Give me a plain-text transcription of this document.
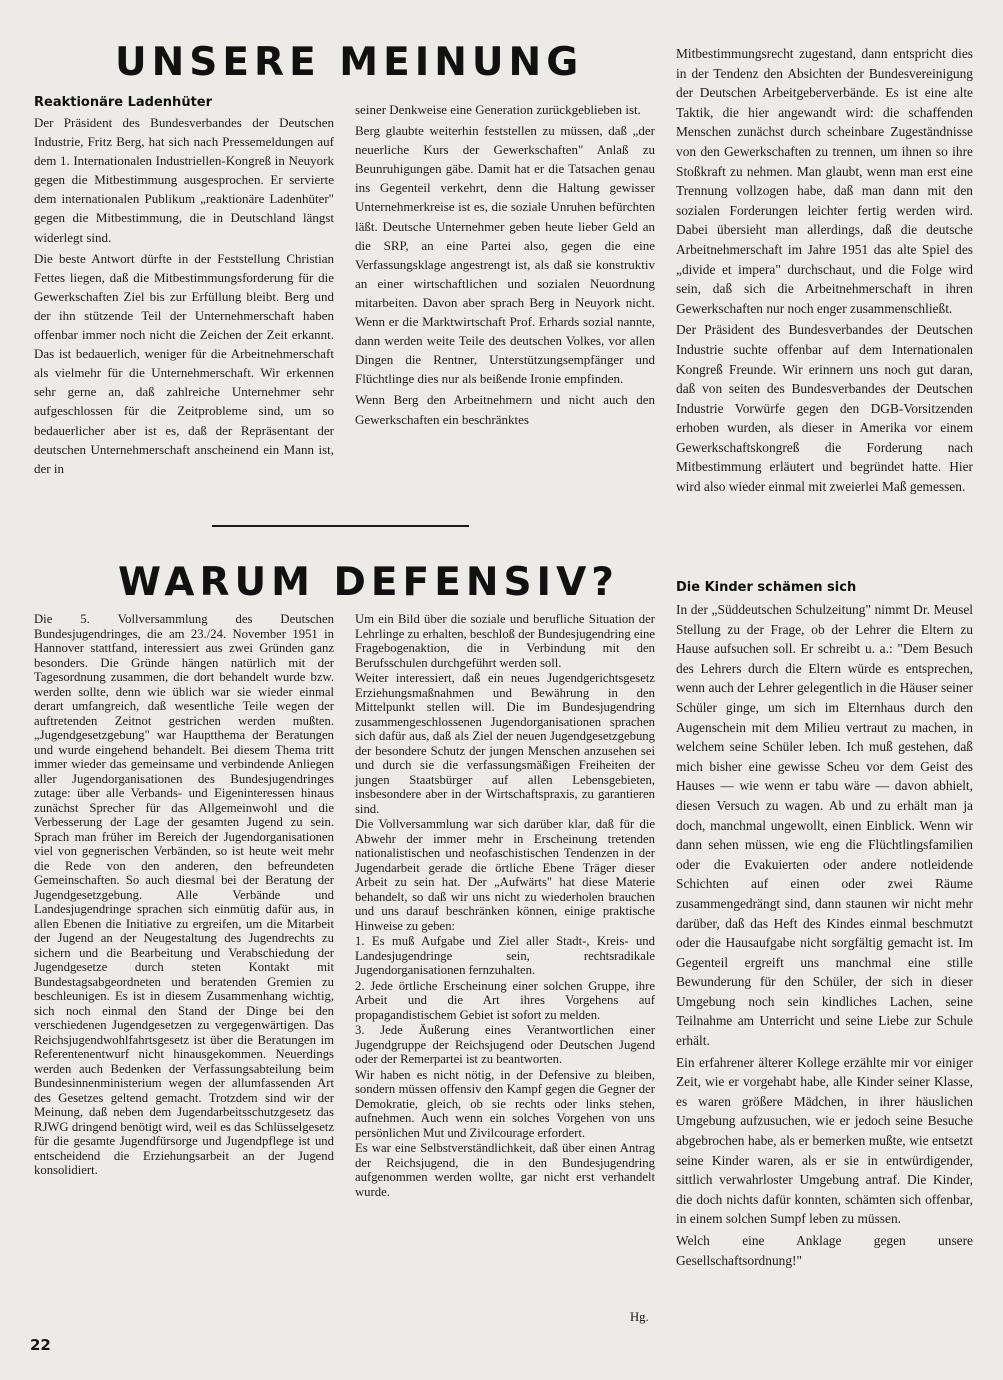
UNSERE MEINUNG
Reaktionäre Ladenhüter

Der Präsident des Bundesverbandes der Deutschen Industrie, Fritz Berg, hat sich nach Pressemeldungen auf dem 1. Internationalen Industriellen-Kongreß in Neuyork gegen die Mitbestimmung ausgesprochen. Er servierte dem internationalen Publikum „reaktionäre Ladenhüter" gegen die Mitbestimmung, die in Deutschland längst widerlegt sind.

Die beste Antwort dürfte in der Feststellung Christian Fettes liegen, daß die Mitbestimmungsforderung für die Gewerkschaften Ziel bis zur Erfüllung bleibt. Berg und der ihn stützende Teil der Unternehmerschaft haben offenbar immer noch nicht die Zeichen der Zeit erkannt. Das ist bedauerlich, weniger für die Arbeitnehmerschaft als vielmehr für die Unternehmerschaft. Wir erkennen sehr gerne an, daß zahlreiche Unternehmer sehr aufgeschlossen für die Zeitprobleme sind, um so bedauerlicher aber ist es, daß der Repräsentant der deutschen Unternehmerschaft anscheinend ein Mann ist, der in

seiner Denkweise eine Generation zurückgeblieben ist.

Berg glaubte weiterhin feststellen zu müssen, daß „der neuerliche Kurs der Gewerkschaften" Anlaß zu Beunruhigungen gäbe. Damit hat er die Tatsachen genau ins Gegenteil verkehrt, denn die Haltung gewisser Unternehmerkreise ist es, die soziale Unruhen befürchten läßt. Deutsche Unternehmer geben heute lieber Geld an die SRP, an eine Partei also, gegen die eine Verfassungsklage angestrengt ist, als daß sie konstruktiv an einer wirtschaftlichen und sozialen Neuordnung mitarbeiten. Davon aber sprach Berg in Neuyork nicht. Wenn er die Marktwirtschaft Prof. Erhards sozial nannte, dann werden weite Teile des deutschen Volkes, vor allen Dingen die Rentner, Unterstützungsempfänger und Flüchtlinge dies nur als beißende Ironie empfinden.

Wenn Berg den Arbeitnehmern und nicht auch den Gewerkschaften ein beschränktes

Mitbestimmungsrecht zugestand, dann entspricht dies in der Tendenz den Absichten der Bundesvereinigung der Deutschen Arbeitgeberverbände. Es ist eine alte Taktik, die hier angewandt wird: die schaffenden Menschen zunächst durch scheinbare Zugeständnisse von den Gewerkschaften zu trennen, um ihnen so ihre Stoßkraft zu nehmen. Man glaubt, wenn man erst eine Trennung vollzogen habe, daß man dann mit den sozialen Forderungen leichter fertig werden wird. Dabei übersieht man allerdings, daß die deutsche Arbeitnehmerschaft im Jahre 1951 das alte Spiel des „divide et impera" durchschaut, und die Folge wird sein, daß sich die Arbeitnehmerschaft in ihren Gewerkschaften nur noch enger zusammenschließt.

Der Präsident des Bundesverbandes der Deutschen Industrie suchte offenbar auf dem Internationalen Kongreß Freunde. Wir erinnern uns noch gut daran, daß von seiten des Bundesverbandes der Deutschen Industrie Vorwürfe gegen den DGB-Vorsitzenden erhoben wurden, als dieser in Amerika vor einem Gewerkschaftskongreß die Forderung nach Mitbestimmung erläutert und begründet hatte. Hier wird also wieder einmal mit zweierlei Maß gemessen.

WARUM DEFENSIV?

Die 5. Vollversammlung des Deutschen Bundesjugendringes, die am 23./24. November 1951 in Hannover stattfand, interessiert aus zwei Gründen ganz besonders. Die Gründe hängen natürlich mit der Tagesordnung zusammen, die dort behandelt wurde bzw. werden sollte, denn wie üblich war sie wieder einmal derart umfangreich, daß wesentliche Teile wegen der auftretenden Zeitnot gestrichen werden mußten. „Jugendgesetzgebung" war Hauptthema der Beratungen und wurde eingehend behandelt. Bei diesem Thema tritt immer wieder das gemeinsame und verbindende Anliegen aller Jugendorganisationen des Bundesjugendringes zutage: über alle Verbands- und Eigeninteressen hinaus zunächst Sprecher für das Allgemeinwohl und die Verbesserung der Lage der gesamten Jugend zu sein. Sprach man früher im Bereich der Jugendorganisationen viel von gegnerischen Verbänden, so ist heute weit mehr die Rede von den anderen, den befreundeten Gemeinschaften. So auch diesmal bei der Beratung der Jugendgesetzgebung. Alle Verbände und Landesjugendringe sprachen sich einmütig dafür aus, in allen Ebenen die Initiative zu ergreifen, um die Mitarbeit der Jugend an der Neugestaltung des Jugendrechts zu sichern und die Bearbeitung und Verabschiedung der Jugendgesetze durch steten Kontakt mit Bundestagsabgeordneten und beratenden Gremien zu beschleunigen. Es ist in diesem Zusammenhang wichtig, sich noch einmal den Stand der Dinge bei den verschiedenen Jugendgesetzen zu vergegenwärtigen. Das Reichsjugendwohlfahrtsgesetz ist über die Beratungen im Referentenentwurf nicht hinausgekommen. Neuerdings werden auch Bedenken der Verfassungsabteilung beim Bundesinnenministerium wegen der allumfassenden Art des Gesetzes geltend gemacht. Trotzdem sind wir der Meinung, daß neben dem Jugendarbeitsschutzgesetz das RJWG dringend benötigt wird, weil es das Schlüsselgesetz für die gesamte Jugendfürsorge und Jugendpflege ist und entscheidend die Erziehungsarbeit an der Jugend konsolidiert.

Um ein Bild über die soziale und berufliche Situation der Lehrlinge zu erhalten, beschloß der Bundesjugendring eine Fragebogenaktion, die in Verbindung mit den Berufsschulen durchgeführt werden soll.

Weiter interessiert, daß ein neues Jugendgerichtsgesetz Erziehungsmaßnahmen und Bewährung in den Mittelpunkt stellen will. Die im Bundesjugendring zusammengeschlossenen Jugendorganisationen sprachen sich dafür aus, daß als Ziel der neuen Jugendgesetzgebung der besondere Schutz der jungen Menschen anzusehen sei und durch sie die verfassungsmäßigen Freiheiten der jungen Staatsbürger auf allen Lebensgebieten, insbesondere aber in der Wirtschaftspraxis, zu garantieren sind.

Die Vollversammlung war sich darüber klar, daß für die Abwehr der immer mehr in Erscheinung tretenden nationalistischen und neofaschistischen Tendenzen in der Jugendarbeit gerade die örtliche Ebene Träger dieser Arbeit zu sein hat. Der „Aufwärts" hat diese Materie behandelt, so daß wir uns nicht zu wiederholen brauchen und uns darauf beschränken können, einige praktische Hinweise zu geben:

1. Es muß Aufgabe und Ziel aller Stadt-, Kreis- und Landesjugendringe sein, rechtsradikale Jugendorganisationen fernzuhalten.

2. Jede örtliche Erscheinung einer solchen Gruppe, ihre Arbeit und die Art ihres Vorgehens auf propagandistischem Gebiet ist sofort zu melden.

3. Jede Äußerung eines Verantwortlichen einer Jugendgruppe der Reichsjugend oder Deutschen Jugend oder der Remerpartei ist zu beantworten.

Wir haben es nicht nötig, in der Defensive zu bleiben, sondern müssen offensiv den Kampf gegen die Gegner der Demokratie, gleich, ob sie rechts oder links stehen, aufnehmen. Auch wenn ein solches Vorgehen von uns persönlichen Mut und Zivilcourage erfordert.

Es war eine Selbstverständlichkeit, daß über einen Antrag der Reichsjugend, die in den Bundesjugendring aufgenommen werden wollte, gar nicht erst verhandelt wurde.

Hg.
Die Kinder schämen sich

In der „Süddeutschen Schulzeitung" nimmt Dr. Meusel Stellung zu der Frage, ob der Lehrer die Eltern zu Hause aufsuchen soll. Er schreibt u. a.: "Dem Besuch des Lehrers durch die Eltern würde es entsprechen, wenn auch der Lehrer gelegentlich in die Häuser seiner Schüler ginge, um sich im Elternhaus durch den Augenschein mit dem Milieu vertraut zu machen, in welchem seine Schüler leben. Ich muß gestehen, daß mich bisher eine gewisse Scheu vor dem Geist des Hauses — wie wenn er tabu wäre — davon abhielt, diesen Versuch zu wagen. Ab und zu erhält man ja doch, manchmal ungewollt, einen Einblick. Wenn wir dann sehen müssen, wie eng die Flüchtlingsfamilien oder die Evakuierten oder andere notleidende Schichten auf einen oder zwei Räume zusammengedrängt sind, dann staunen wir nicht mehr darüber, daß das Heft des Kindes einmal beschmutzt oder die Hausaufgabe nicht sorgfältig gemacht ist. Im Gegenteil ergreift uns manchmal eine stille Bewunderung für den Schüler, der sich in dieser Umgebung noch sein kindliches Lachen, seine Teilnahme am Unterricht und seine Liebe zur Schule erhält.

Ein erfahrener älterer Kollege erzählte mir vor einiger Zeit, wie er vorgehabt habe, alle Kinder seiner Klasse, es waren größere Mädchen, in ihrer häuslichen Umgebung aufzusuchen, wie er jedoch seine Besuche abgebrochen habe, als er bemerken mußte, wie entsetzt seine Kinder waren, als er sie in entwürdigender, sittlich verwahrloster Umgebung antraf. Die Kinder, die doch nichts dafür konnten, schämten sich offenbar, in einem solchen Sumpf leben zu müssen.

Welch eine Anklage gegen unsere Gesellschaftsordnung!"

22
